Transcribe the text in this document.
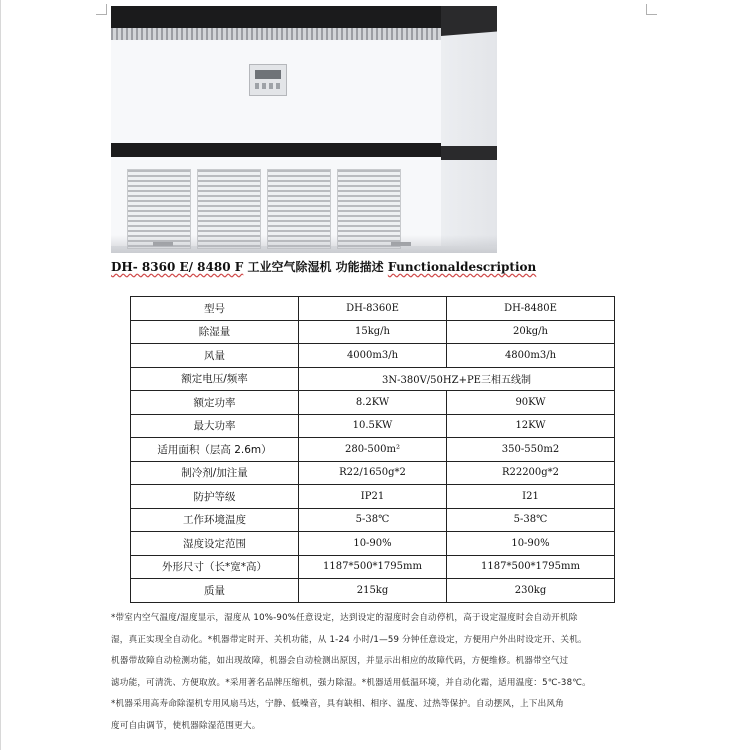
DH- 8360 E/ 8480 F 工业空气除湿机 功能描述 Functionaldescription
型号	DH-8360E	DH-8480E
除湿量	15kg/h	20kg/h
风量	4000m3/h	4800m3/h
额定电压/频率	3N-380V/50HZ+PE三相五线制	
额定功率	8.2KW	90KW
最大功率	10.5KW	12KW
适用面积（层高 2.6m）	280-500m²	350-550m2
制冷剂/加注量	R22/1650g*2	R22200g*2
防护等级	IP21	I21
工作环境温度	5-38℃	5-38℃
湿度设定范围	10-90%	10-90%
外形尺寸（长*宽*高）	1187*500*1795mm	1187*500*1795mm
质量	215kg	230kg

*带室内空气温度/湿度显示，湿度从 10%-90%任意设定，达到设定的湿度时会自动停机，高于设定湿度时会自动开机除

湿，真正实现全自动化。*机器带定时开、关机功能，从 1-24 小时/1—59 分钟任意设定，方便用户外出时设定开、关机。

机器带故障自动检测功能，如出现故障，机器会自动检测出原因，并显示出相应的故障代码，方便维修。机器带空气过

滤功能，可清洗、方便取放。*采用著名品牌压缩机，强力除湿。*机器适用低温环境，并自动化霜，适用温度：5℃-38℃。

*机器采用高寿命除湿机专用风扇马达，宁静、低噪音，具有缺相、相序、温度、过热等保护。自动摆风，上下出风角

度可自由调节，使机器除湿范围更大。
